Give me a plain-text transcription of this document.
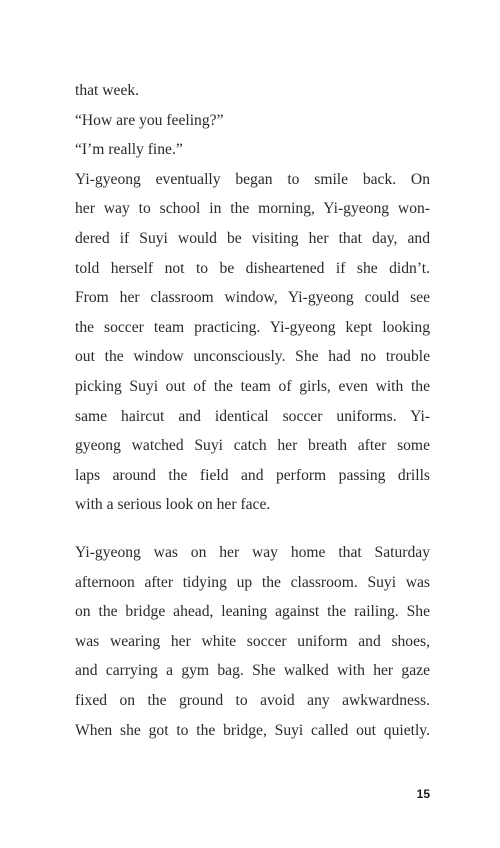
that week.
“How are you feeling?”
“I’m really fine.”
Yi-gyeong eventually began to smile back. On
her way to school in the morning, Yi-gyeong won-
dered if Suyi would be visiting her that day, and
told herself not to be disheartened if she didn’t.
From her classroom window, Yi-gyeong could see
the soccer team practicing. Yi-gyeong kept looking
out the window unconsciously. She had no trouble
picking Suyi out of the team of girls, even with the
same haircut and identical soccer uniforms. Yi-
gyeong watched Suyi catch her breath after some
laps around the field and perform passing drills
with a serious look on her face.
Yi-gyeong was on her way home that Saturday
afternoon after tidying up the classroom. Suyi was
on the bridge ahead, leaning against the railing. She
was wearing her white soccer uniform and shoes,
and carrying a gym bag. She walked with her gaze
fixed on the ground to avoid any awkwardness.
When she got to the bridge, Suyi called out quietly.
15
